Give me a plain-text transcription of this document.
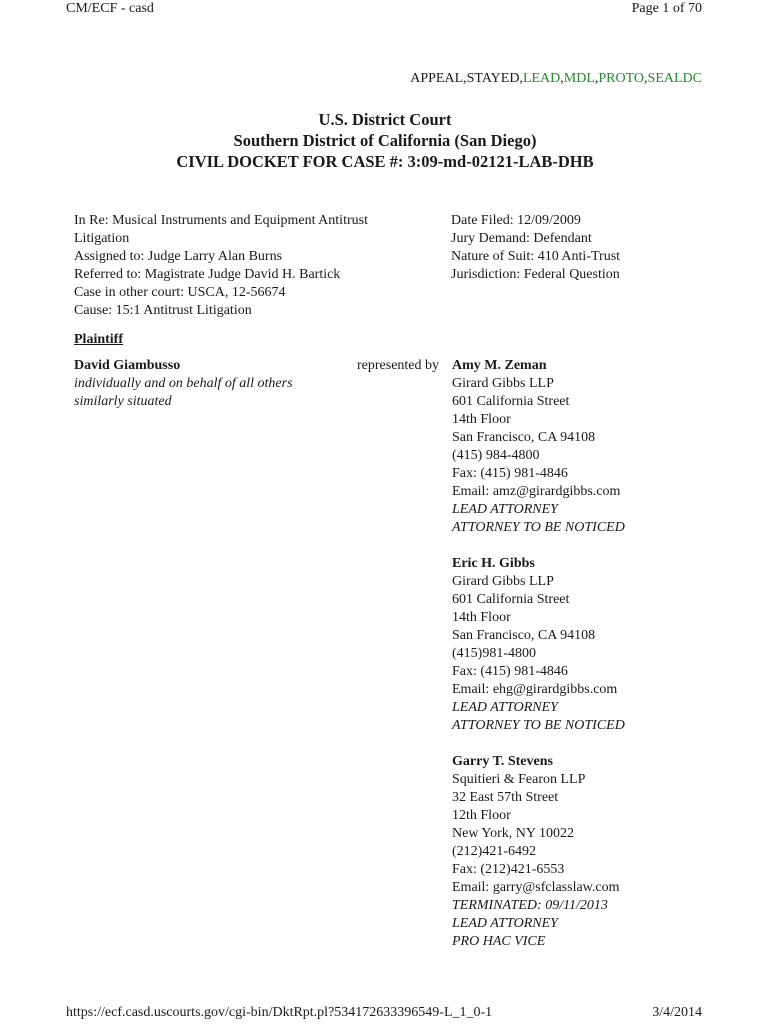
CM/ECF - casd	Page 1 of 70
APPEAL,STAYED,LEAD,MDL,PROTO,SEALDC
U.S. District Court
Southern District of California (San Diego)
CIVIL DOCKET FOR CASE #: 3:09-md-02121-LAB-DHB
In Re: Musical Instruments and Equipment Antitrust
Litigation
Assigned to: Judge Larry Alan Burns
Referred to: Magistrate Judge David H. Bartick
Case in other court: USCA, 12-56674
Cause: 15:1 Antitrust Litigation
Date Filed: 12/09/2009
Jury Demand: Defendant
Nature of Suit: 410 Anti-Trust
Jurisdiction: Federal Question
Plaintiff
David Giambusso
individually and on behalf of all others
similarly situated
represented by Amy M. Zeman
Girard Gibbs LLP
601 California Street
14th Floor
San Francisco, CA 94108
(415) 984-4800
Fax: (415) 981-4846
Email: amz@girardgibbs.com
LEAD ATTORNEY
ATTORNEY TO BE NOTICED
Eric H. Gibbs
Girard Gibbs LLP
601 California Street
14th Floor
San Francisco, CA 94108
(415)981-4800
Fax: (415) 981-4846
Email: ehg@girardgibbs.com
LEAD ATTORNEY
ATTORNEY TO BE NOTICED
Garry T. Stevens
Squitieri & Fearon LLP
32 East 57th Street
12th Floor
New York, NY 10022
(212)421-6492
Fax: (212)421-6553
Email: garry@sfclasslaw.com
TERMINATED: 09/11/2013
LEAD ATTORNEY
PRO HAC VICE
https://ecf.casd.uscourts.gov/cgi-bin/DktRpt.pl?534172633396549-L_1_0-1	3/4/2014
